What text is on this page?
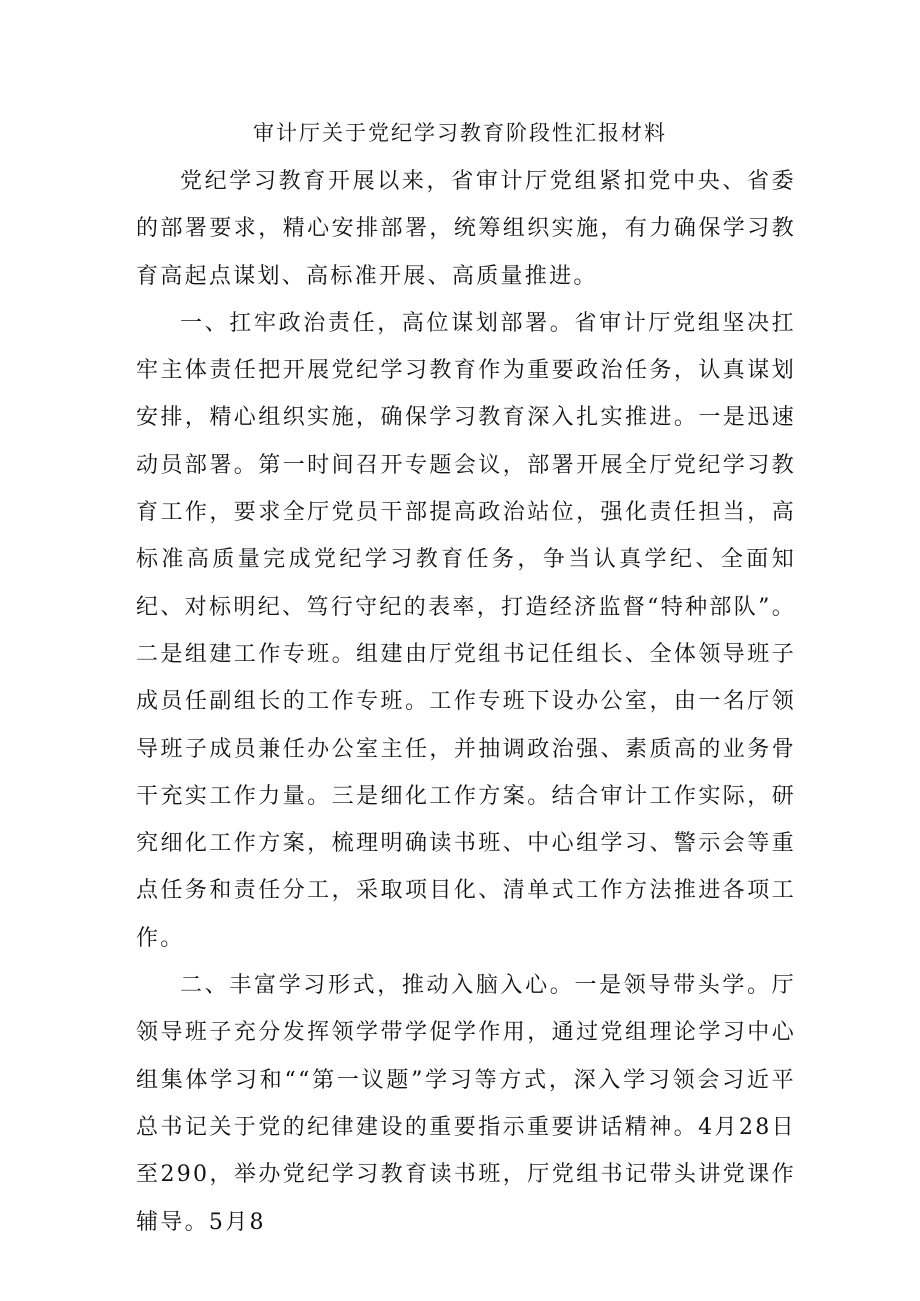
审计厅关于党纪学习教育阶段性汇报材料

党纪学习教育开展以来，省审计厅党组紧扣党中央、省委的部署要求，精心安排部署，统筹组织实施，有力确保学习教育高起点谋划、高标准开展、高质量推进。

一、扛牢政治责任，高位谋划部署。省审计厅党组坚决扛牢主体责任把开展党纪学习教育作为重要政治任务，认真谋划安排，精心组织实施，确保学习教育深入扎实推进。一是迅速动员部署。第一时间召开专题会议，部署开展全厅党纪学习教育工作，要求全厅党员干部提高政治站位，强化责任担当，高标准高质量完成党纪学习教育任务，争当认真学纪、全面知纪、对标明纪、笃行守纪的表率，打造经济监督“特种部队”。二是组建工作专班。组建由厅党组书记任组长、全体领导班子成员任副组长的工作专班。工作专班下设办公室，由一名厅领导班子成员兼任办公室主任，并抽调政治强、素质高的业务骨干充实工作力量。三是细化工作方案。结合审计工作实际，研究细化工作方案，梳理明确读书班、中心组学习、警示会等重点任务和责任分工，采取项目化、清单式工作方法推进各项工作。

二、丰富学习形式，推动入脑入心。一是领导带头学。厅领导班子充分发挥领学带学促学作用，通过党组理论学习中心组集体学习和““第一议题”学习等方式，深入学习领会习近平总书记关于党的纪律建设的重要指示重要讲话精神。4月28日至290，举办党纪学习教育读书班，厅党组书记带头讲党课作辅导。5月8
